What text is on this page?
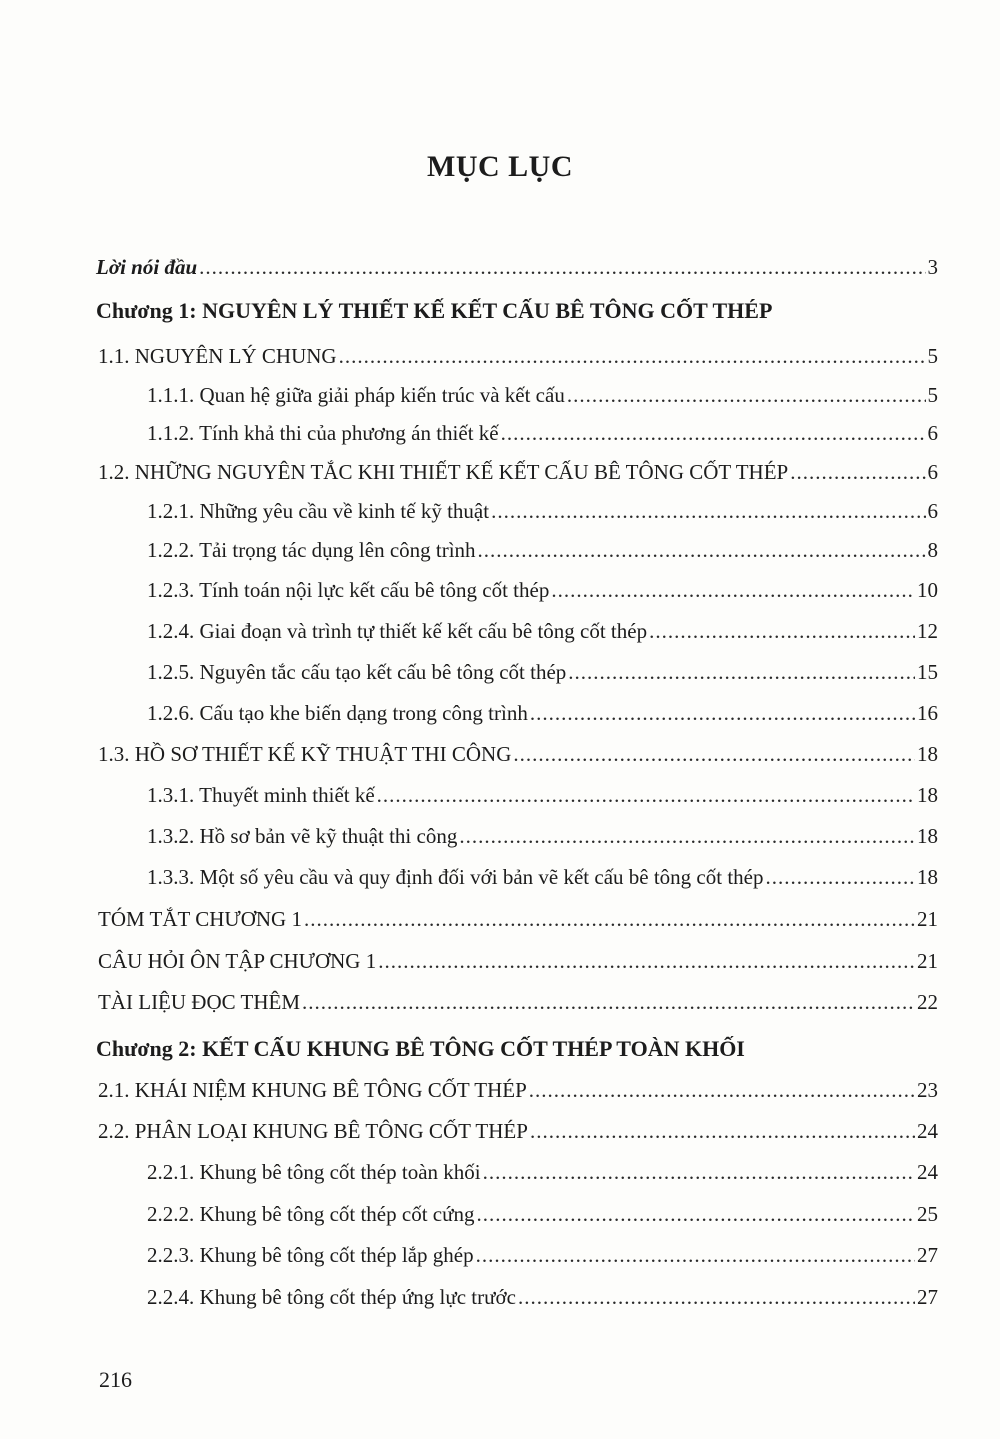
MỤC LỤC
Lời nói đầu .....	3
Chương 1: NGUYÊN LÝ THIẾT KẾ KẾT CẤU BÊ TÔNG CỐT THÉP
1.1. NGUYÊN LÝ CHUNG .....	5
1.1.1. Quan hệ giữa giải pháp kiến trúc và kết cấu .....	5
1.1.2. Tính khả thi của phương án thiết kế .....	6
1.2. NHỮNG NGUYÊN TẮC KHI THIẾT KẾ KẾT CẤU BÊ TÔNG CỐT THÉP .....	6
1.2.1. Những yêu cầu về kinh tế kỹ thuật .....	6
1.2.2. Tải trọng tác dụng lên công trình .....	8
1.2.3. Tính toán nội lực kết cấu bê tông cốt thép .....	10
1.2.4. Giai đoạn và trình tự thiết kế kết cấu bê tông cốt thép .....	12
1.2.5. Nguyên tắc cấu tạo kết cấu bê tông cốt thép .....	15
1.2.6. Cấu tạo khe biến dạng trong công trình .....	16
1.3. HỒ SƠ THIẾT KẾ KỸ THUẬT THI CÔNG .....	18
1.3.1. Thuyết minh thiết kế .....	18
1.3.2. Hồ sơ bản vẽ kỹ thuật thi công .....	18
1.3.3. Một số yêu cầu và quy định đối với bản vẽ kết cấu bê tông cốt thép .....	18
TÓM TẮT CHƯƠNG 1 .....	21
CÂU HỎI ÔN TẬP CHƯƠNG 1 .....	21
TÀI LIỆU ĐỌC THÊM .....	22
Chương 2: KẾT CẤU KHUNG BÊ TÔNG CỐT THÉP TOÀN KHỐI
2.1. KHÁI NIỆM KHUNG BÊ TÔNG CỐT THÉP .....	23
2.2. PHÂN LOẠI KHUNG BÊ TÔNG CỐT THÉP .....	24
2.2.1. Khung bê tông cốt thép toàn khối .....	24
2.2.2. Khung bê tông cốt thép cốt cứng .....	25
2.2.3. Khung bê tông cốt thép lắp ghép .....	27
2.2.4. Khung bê tông cốt thép ứng lực trước .....	27

216
